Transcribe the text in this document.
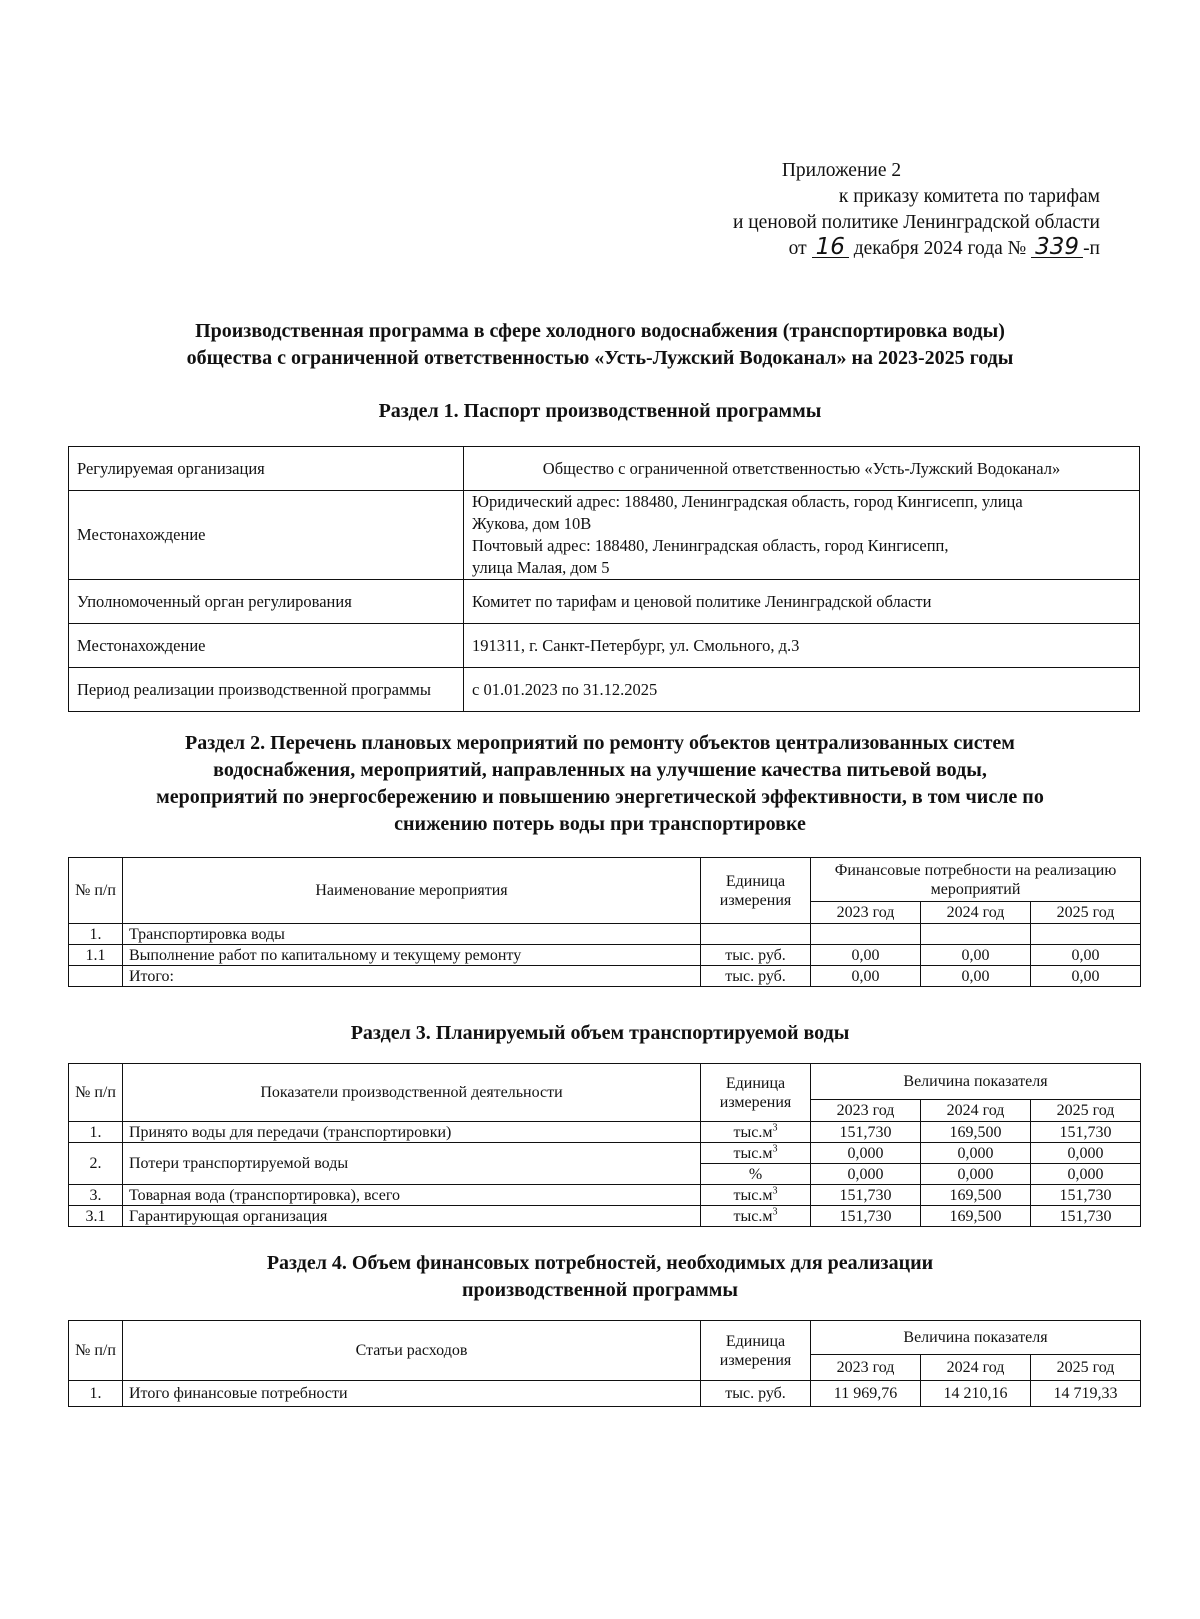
Приложение 2
к приказу комитета по тарифам
и ценовой политике Ленинградской области
от 16 декабря 2024 года № 339 -п
Производственная программа в сфере холодного водоснабжения (транспортировка воды)
общества с ограниченной ответственностью «Усть-Лужский Водоканал» на 2023-2025 годы
Раздел 1. Паспорт производственной программы
Регулируемая организация	Общество с ограниченной ответственностью «Усть-Лужский Водоканал»
Местонахождение	Юридический адрес: 188480, Ленинградская область, город Кингисепп, улица
Жукова, дом 10В
Почтовый адрес: 188480, Ленинградская область, город Кингисепп,
улица Малая, дом 5

Уполномоченный орган регулирования	Комитет по тарифам и ценовой политике Ленинградской области
Местонахождение	191311, г. Санкт-Петербург, ул. Смольного, д.3
Период реализации производственной программы	с 01.01.2023 по 31.12.2025
Раздел 2. Перечень плановых мероприятий по ремонту объектов централизованных систем
водоснабжения, мероприятий, направленных на улучшение качества питьевой воды,
мероприятий по энергосбережению и повышению энергетической эффективности, в том числе по
снижению потерь воды при транспортировке
№ п/п	Наименование мероприятия	Единица измерения	Финансовые потребности на реализацию мероприятий		
			2023 год	2024 год	2025 год
1.	Транспортировка воды				
1.1	Выполнение работ по капитальному и текущему ремонту	тыс. руб.	0,00	0,00	0,00
	Итого:	тыс. руб.	0,00	0,00	0,00
Раздел 3. Планируемый объем транспортируемой воды
№ п/п	Показатели производственной деятельности	Единица измерения	Величина показателя		
			2023 год	2024 год	2025 год
1.	Принято воды для передачи (транспортировки)	$тыс.м^3$	151,730	169,500	151,730
2.	Потери транспортируемой воды	$тыс.м^3$	0,000	0,000	0,000
		%	0,000	0,000	0,000
3.	Товарная вода (транспортировка), всего	$тыс.м^3$	151,730	169,500	151,730
3.1	Гарантирующая организация	$тыс.м^3$	151,730	169,500	151,730
Раздел 4. Объем финансовых потребностей, необходимых для реализации
производственной программы
№ п/п	Статьи расходов	Единица измерения	Величина показателя		
			2023 год	2024 год	2025 год
1.	Итого финансовые потребности	тыс. руб.	11 969,76	14 210,16	14 719,33
